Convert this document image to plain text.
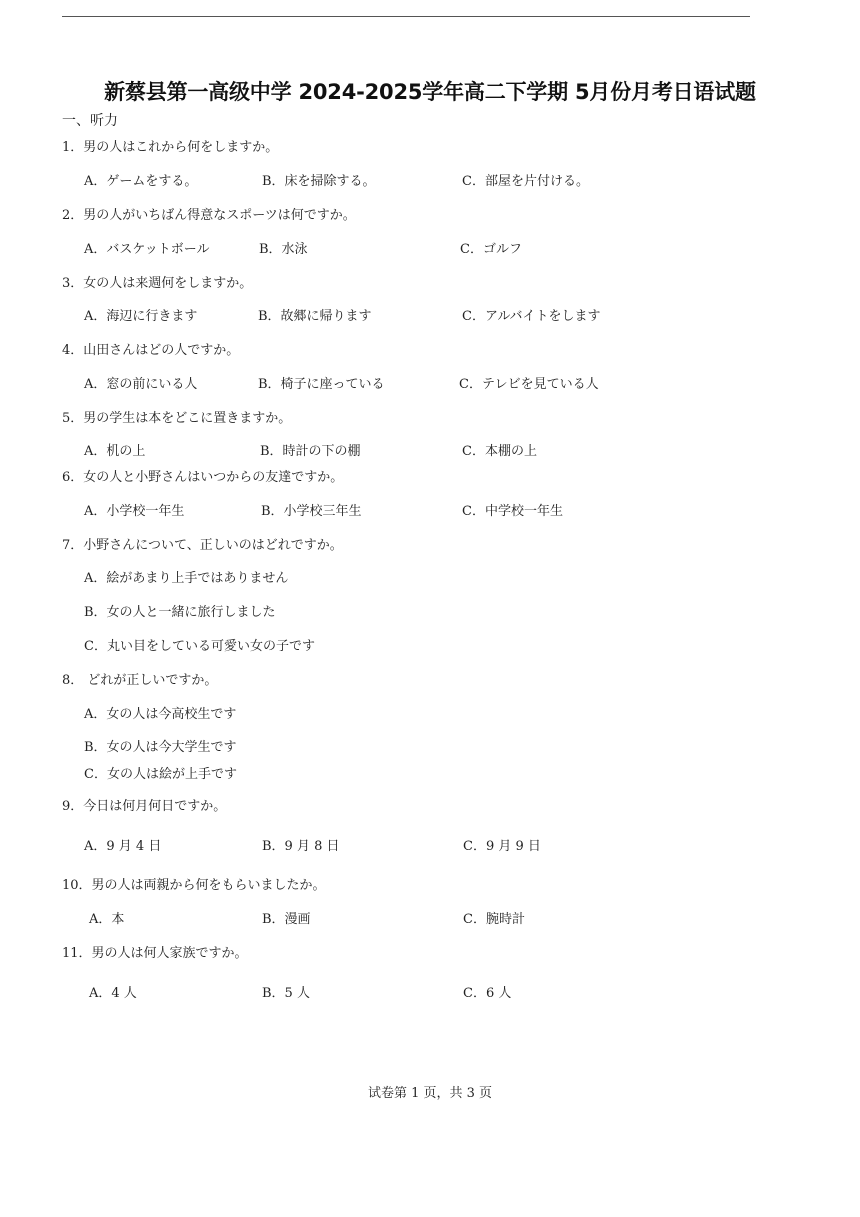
新蔡县第一高级中学 2024-2025学年高二下学期 5月份月考日语试题
一、听力
1．男の人はこれから何をしますか。
A．ゲームをする。	B．床を掃除する。	C．部屋を片付ける。
2．男の人がいちばん得意なスポーツは何ですか。
A．バスケットボール	B．水泳	C．ゴルフ
3．女の人は来週何をしますか。
A．海辺に行きます	B．故郷に帰ります	C．アルバイトをします
4．山田さんはどの人ですか。
A．窓の前にいる人	B．椅子に座っている	C．テレビを見ている人
5．男の学生は本をどこに置きますか。
A．机の上	B．時計の下の棚	C．本棚の上
6．女の人と小野さんはいつからの友達ですか。
A．小学校一年生	B．小学校三年生	C．中学校一年生
7．小野さんについて、正しいのはどれですか。
A．絵があまり上手ではありません
B．女の人と一緒に旅行しました
C．丸い目をしている可愛い女の子です
8． どれが正しいですか。
A．女の人は今高校生です
B．女の人は今大学生です
C．女の人は絵が上手です
9．今日は何月何日ですか。
A．9 月 4 日	B．9 月 8 日	C．9 月 9 日
10．男の人は両親から何をもらいましたか。
A．本	B．漫画	C．腕時計
11．男の人は何人家族ですか。
A．4 人	B．5 人	C．6 人
试卷第 1 页，共 3 页
